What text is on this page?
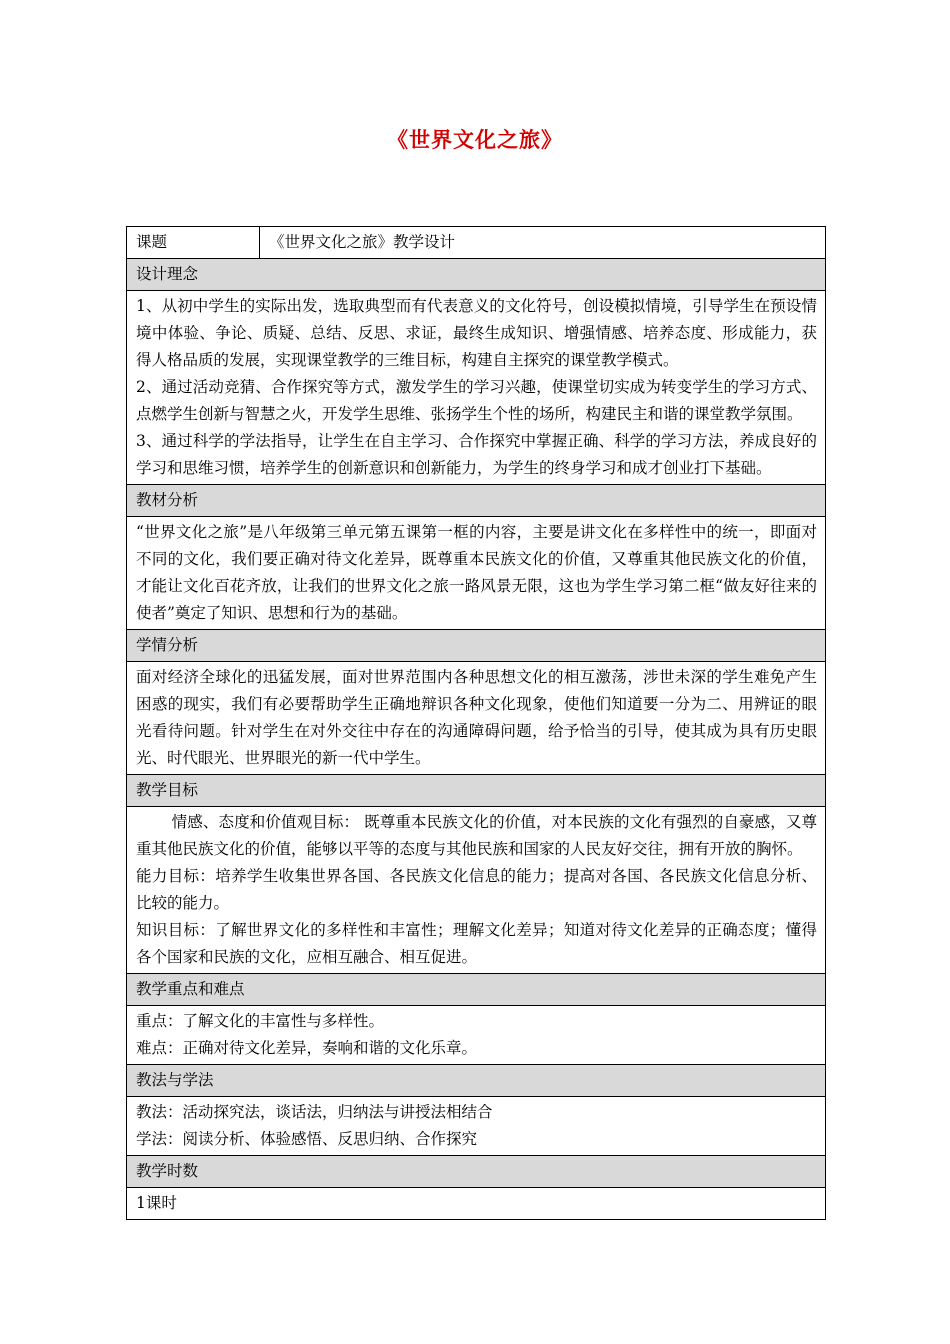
《世界文化之旅》
课题	《世界文化之旅》教学设计
设计理念

1、从初中学生的实际出发，选取典型而有代表意义的文化符号，创设模拟情境，引导学生在预设情境中体验、争论、质疑、总结、反思、求证，最终生成知识、增强情感、培养态度、形成能力，获得人格品质的发展，实现课堂教学的三维目标，构建自主探究的课堂教学模式。

2、通过活动竞猜、合作探究等方式，激发学生的学习兴趣，使课堂切实成为转变学生的学习方式、点燃学生创新与智慧之火，开发学生思维、张扬学生个性的场所，构建民主和谐的课堂教学氛围。

3、通过科学的学法指导，让学生在自主学习、合作探究中掌握正确、科学的学习方法，养成良好的学习和思维习惯，培养学生的创新意识和创新能力，为学生的终身学习和成才创业打下基础。

教材分析

“世界文化之旅”是八年级第三单元第五课第一框的内容，主要是讲文化在多样性中的统一，即面对不同的文化，我们要正确对待文化差异，既尊重本民族文化的价值，又尊重其他民族文化的价值，才能让文化百花齐放，让我们的世界文化之旅一路风景无限，这也为学生学习第二框“做友好往来的使者”奠定了知识、思想和行为的基础。

学情分析

面对经济全球化的迅猛发展，面对世界范围内各种思想文化的相互激荡，涉世未深的学生难免产生困惑的现实，我们有必要帮助学生正确地辩识各种文化现象，使他们知道要一分为二、用辨证的眼光看待问题。针对学生在对外交往中存在的沟通障碍问题，给予恰当的引导，使其成为具有历史眼光、时代眼光、世界眼光的新一代中学生。

教学目标

情感、态度和价值观目标： 既尊重本民族文化的价值，对本民族的文化有强烈的自豪感，又尊重其他民族文化的价值，能够以平等的态度与其他民族和国家的人民友好交往，拥有开放的胸怀。

能力目标：培养学生收集世界各国、各民族文化信息的能力；提高对各国、各民族文化信息分析、比较的能力。

知识目标：了解世界文化的多样性和丰富性；理解文化差异；知道对待文化差异的正确态度；懂得各个国家和民族的文化，应相互融合、相互促进。

教学重点和难点

重点：了解文化的丰富性与多样性。

难点：正确对待文化差异，奏响和谐的文化乐章。

教法与学法

教法：活动探究法，谈话法，归纳法与讲授法相结合

学法：阅读分析、体验感悟、反思归纳、合作探究

教学时数

1课时
